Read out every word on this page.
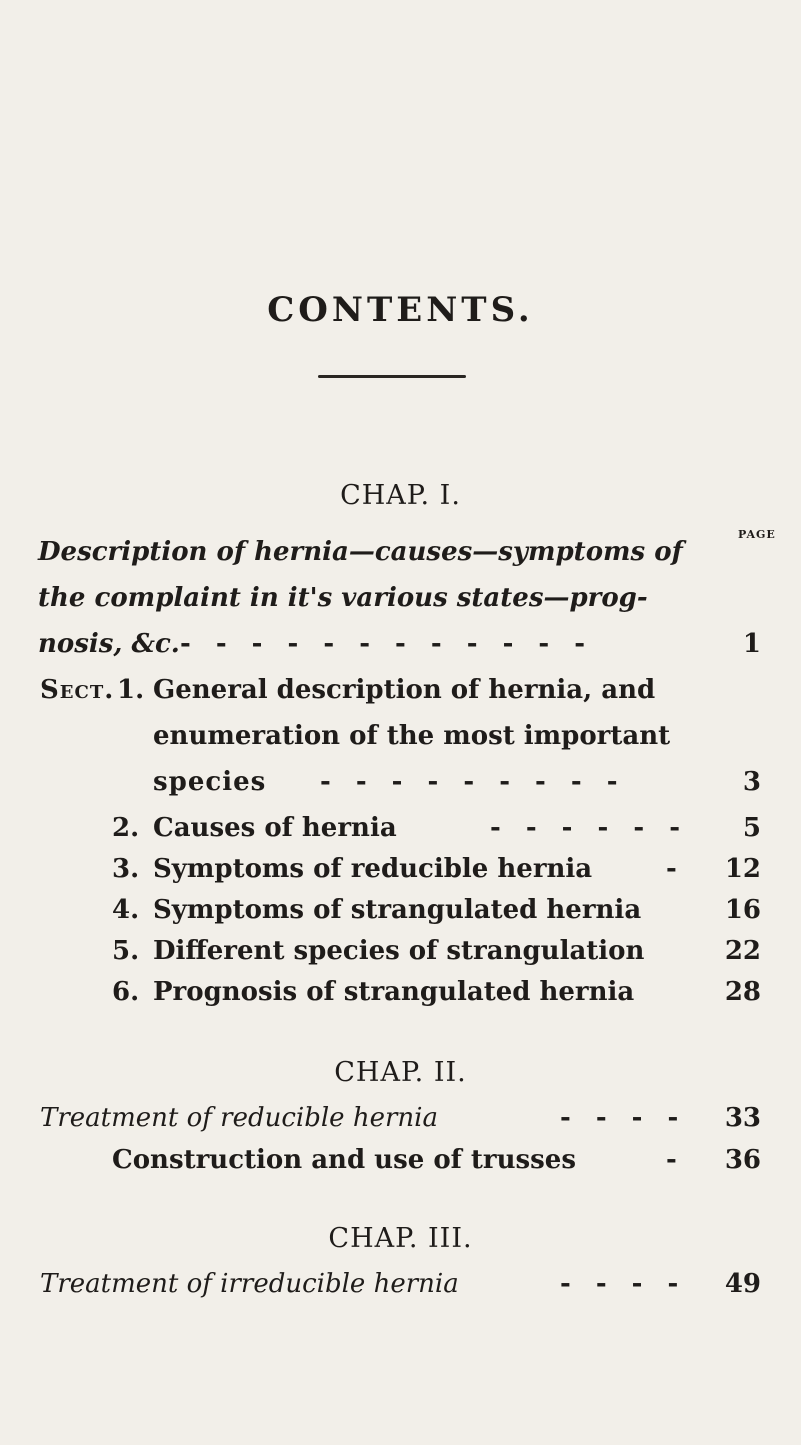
CONTENTS.
CHAP. I.
PAGE
Description of hernia—causes—symptoms of
the complaint in it's various states—prog-
nosis, &c. - - - - - - - - - - - -	1
Sect. 1. General description of hernia, and
enumeration of the most important
species - - - - - - - - -	3
2. Causes of hernia	- - - - - -	5
3. Symptoms of reducible hernia	-	12
4. Symptoms of strangulated hernia	16
5. Different species of strangulation	22
6. Prognosis of strangulated hernia	28
CHAP. II.
Treatment of reducible hernia	- - - -	33
Construction and use of trusses	-	36
CHAP. III.
Treatment of irreducible hernia	- - - -	49
